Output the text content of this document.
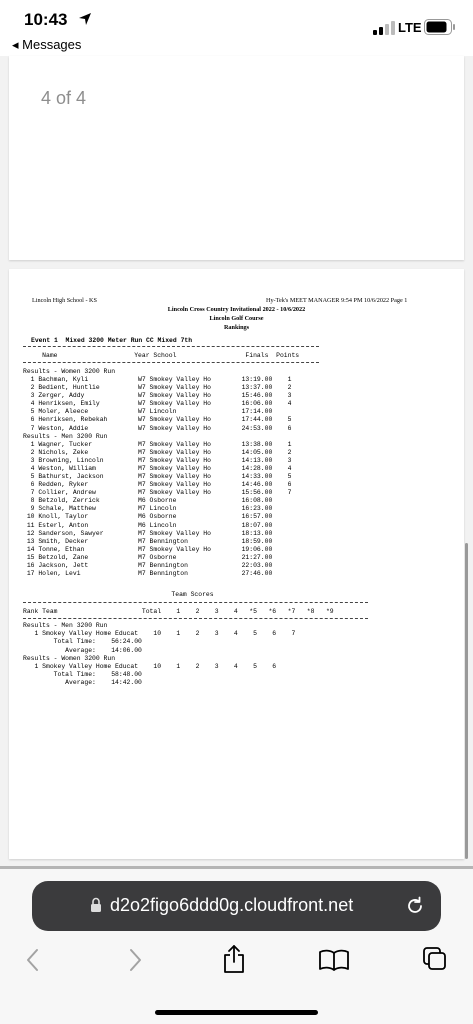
10:43
◂ Messages
LTE
4 of 4
Lincoln High School - KS	Hy-Tek's MEET MANAGER 9:54 PM 10/6/2022 Page 1
Lincoln Cross Country Invitational 2022 - 10/6/2022
Lincoln Golf Course
Rankings
Event 1  Mixed 3200 Meter Run CC Mixed 7th
Name                    Year School                  Finals  Points
Results - Women 3200 Run
1 Bachman, Kyli             W7 Smokey Valley Ho        13:19.00    1
2 Bedient, Huntlie          W7 Smokey Valley Ho        13:37.00    2
3 Zerger, Addy              W7 Smokey Valley Ho        15:46.00    3
4 Henriksen, Emily          W7 Smokey Valley Ho        16:06.00    4
5 Moler, Aleece             W7 Lincoln                 17:14.00
6 Henriksen, Rebekah        W7 Smokey Valley Ho        17:44.00    5
7 Weston, Addie             W7 Smokey Valley Ho        24:53.00    6
Results - Men 3200 Run
1 Wagner, Tucker            M7 Smokey Valley Ho        13:38.00    1
2 Nichols, Zeke             M7 Smokey Valley Ho        14:05.00    2
3 Browning, Lincoln         M7 Smokey Valley Ho        14:13.00    3
4 Weston, William           M7 Smokey Valley Ho        14:28.00    4
5 Bathurst, Jackson         M7 Smokey Valley Ho        14:33.00    5
6 Redden, Ryker             M7 Smokey Valley Ho        14:46.00    6
7 Collier, Andrew           M7 Smokey Valley Ho        15:56.00    7
8 Betzold, Zerrick          M6 Osborne                 16:08.00
9 Schale, Matthew           M7 Lincoln                 16:23.00
10 Knoll, Taylor             M6 Osborne                 16:57.00
11 Esterl, Anton             M6 Lincoln                 18:07.00
12 Sanderson, Sawyer         M7 Smokey Valley Ho        18:13.00
13 Smith, Decker             M7 Bennington              18:59.00
14 Tonne, Ethan              M7 Smokey Valley Ho        19:06.00
15 Betzold, Zane             M7 Osborne                 21:27.00
16 Jackson, Jett             M7 Bennington              22:03.00
17 Holen, Levi               M7 Bennington              27:46.00
Team Scores
Rank Team                      Total    1    2    3    4   *5   *6   *7   *8   *9
Results - Men 3200 Run
1 Smokey Valley Home Educat    10    1    2    3    4    5    6    7
Total Time:    56:24.00
Average:    14:06.00
Results - Women 3200 Run
1 Smokey Valley Home Educat    10    1    2    3    4    5    6
Total Time:    58:48.00
Average:    14:42.00
d2o2figo6ddd0g.cloudfront.net
